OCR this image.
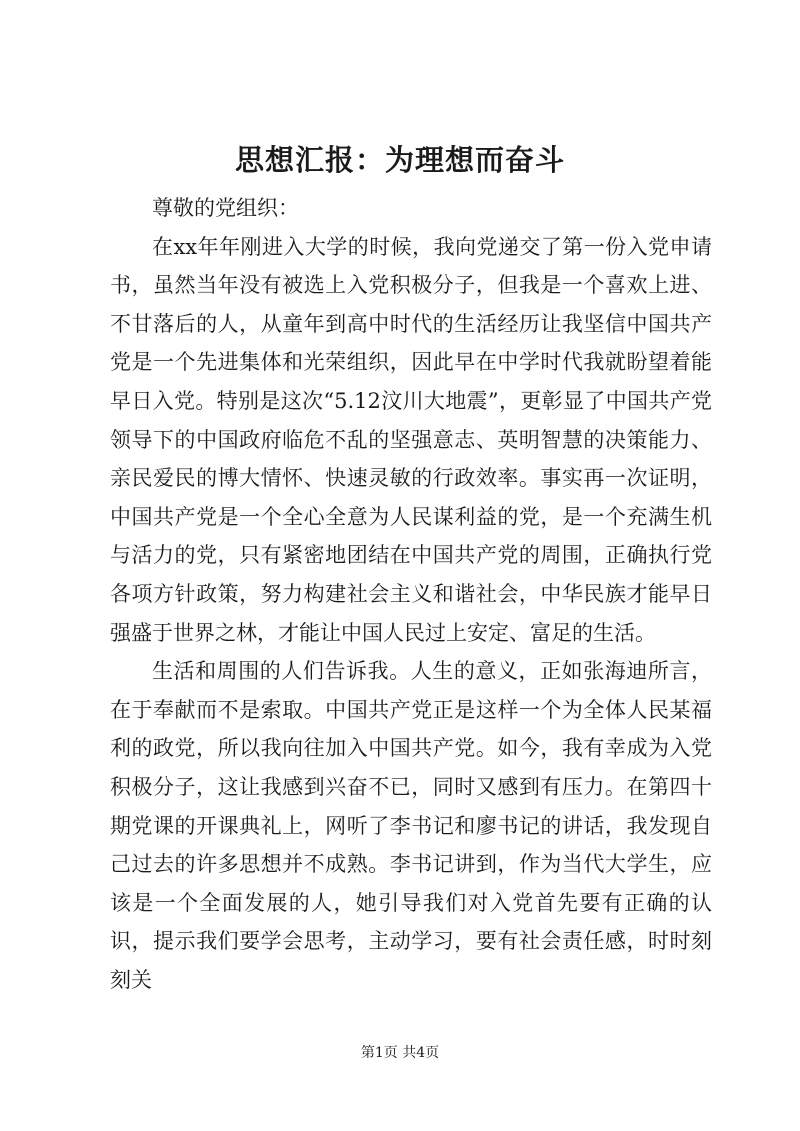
思想汇报：为理想而奋斗

尊敬的党组织：

在xx年年刚进入大学的时候，我向党递交了第一份入党申请书，虽然当年没有被选上入党积极分子，但我是一个喜欢上进、不甘落后的人，从童年到高中时代的生活经历让我坚信中国共产党是一个先进集体和光荣组织，因此早在中学时代我就盼望着能早日入党。特别是这次“5.12汶川大地震”，更彰显了中国共产党领导下的中国政府临危不乱的坚强意志、英明智慧的决策能力、亲民爱民的博大情怀、快速灵敏的行政效率。事实再一次证明，中国共产党是一个全心全意为人民谋利益的党，是一个充满生机与活力的党，只有紧密地团结在中国共产党的周围，正确执行党各项方针政策，努力构建社会主义和谐社会，中华民族才能早日强盛于世界之林，才能让中国人民过上安定、富足的生活。

生活和周围的人们告诉我。人生的意义，正如张海迪所言，在于奉献而不是索取。中国共产党正是这样一个为全体人民某福利的政党，所以我向往加入中国共产党。如今，我有幸成为入党积极分子，这让我感到兴奋不已，同时又感到有压力。在第四十期党课的开课典礼上，网听了李书记和廖书记的讲话，我发现自己过去的许多思想并不成熟。李书记讲到，作为当代大学生，应该是一个全面发展的人，她引导我们对入党首先要有正确的认识，提示我们要学会思考，主动学习，要有社会责任感，时时刻刻关

第1页 共4页
